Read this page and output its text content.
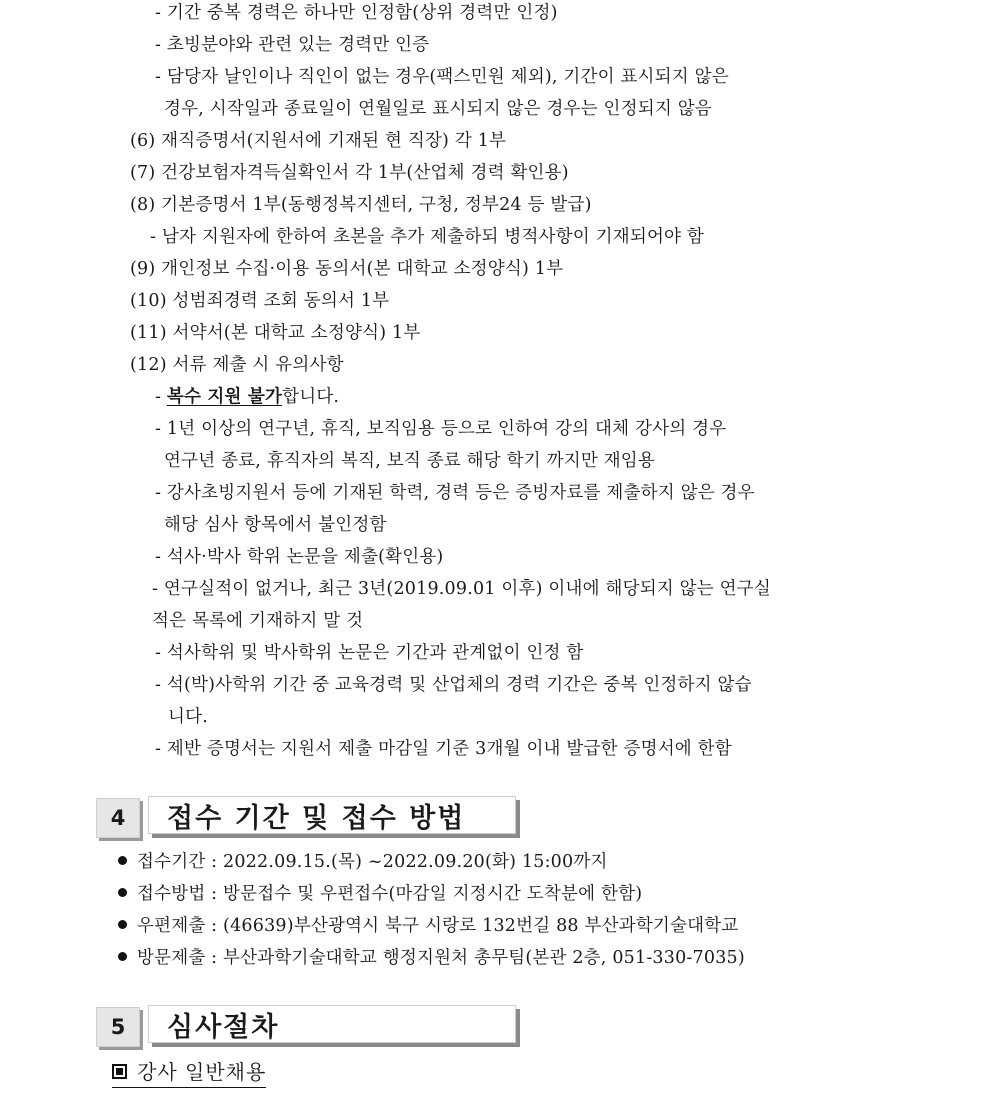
- 기간 중복 경력은 하나만 인정함(상위 경력만 인정)
- 초빙분야와 관련 있는 경력만 인증
- 담당자 날인이나 직인이 없는 경우(팩스민원 제외), 기간이 표시되지 않은
경우, 시작일과 종료일이 연월일로 표시되지 않은 경우는 인정되지 않음
(6) 재직증명서(지원서에 기재된 현 직장) 각 1부
(7) 건강보험자격득실확인서 각 1부(산업체 경력 확인용)
(8) 기본증명서 1부(동행정복지센터, 구청, 정부24 등 발급)
- 남자 지원자에 한하여 초본을 추가 제출하되 병적사항이 기재되어야 함
(9) 개인정보 수집·이용 동의서(본 대학교 소정양식) 1부
(10) 성범죄경력 조회 동의서 1부
(11) 서약서(본 대학교 소정양식) 1부
(12) 서류 제출 시 유의사항
- 복수 지원 불가합니다.
- 1년 이상의 연구년, 휴직, 보직임용 등으로 인하여 강의 대체 강사의 경우
연구년 종료, 휴직자의 복직, 보직 종료 해당 학기 까지만 재임용
- 강사초빙지원서 등에 기재된 학력, 경력 등은 증빙자료를 제출하지 않은 경우
해당 심사 항목에서 불인정함
- 석사·박사 학위 논문을 제출(확인용)
- 연구실적이 없거나, 최근 3년(2019.09.01 이후) 이내에 해당되지 않는 연구실
적은 목록에 기재하지 말 것
- 석사학위 및 박사학위 논문은 기간과 관계없이 인정 함
- 석(박)사학위 기간 중 교육경력 및 산업체의 경력 기간은 중복 인정하지 않습
니다.
- 제반 증명서는 지원서 제출 마감일 기준 3개월 이내 발급한 증명서에 한함
4	접수 기간 및 접수 방법
접수기간 : 2022.09.15.(목) ~2022.09.20(화) 15:00까지
접수방법 : 방문접수 및 우편접수(마감일 지정시간 도착분에 한함)
우편제출 : (46639)부산광역시 북구 시랑로 132번길 88 부산과학기술대학교
방문제출 : 부산과학기술대학교 행정지원처 총무팀(본관 2층, 051-330-7035)
5	심사절차
강사 일반채용
